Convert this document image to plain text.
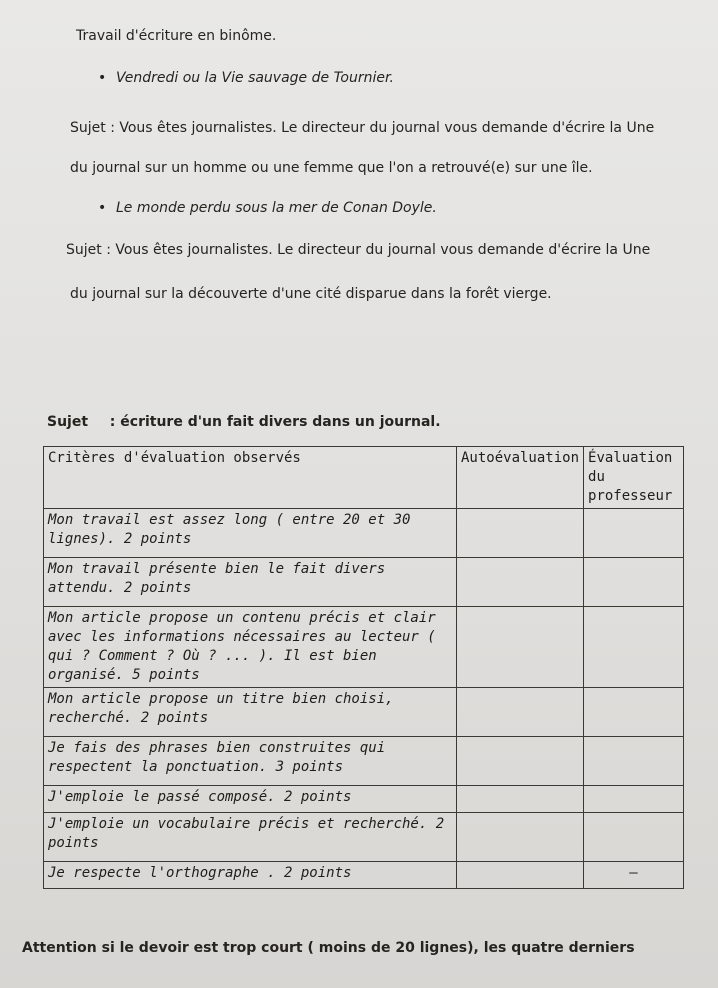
Travail d'écriture en binôme.
• Vendredi ou la Vie sauvage de Tournier.
Sujet : Vous êtes journalistes. Le directeur du journal vous demande d'écrire la Une
du journal sur un homme ou une femme que l'on a retrouvé(e) sur une île.
• Le monde perdu sous la mer de Conan Doyle.
Sujet : Vous êtes journalistes. Le directeur du journal vous demande d'écrire la Une
du journal sur la découverte d'une cité disparue dans la forêt vierge.
Sujet : écriture d'un fait divers dans un journal.
Critères d'évaluation observés	Autoévaluation	Évaluation du professeur
Mon travail est assez long ( entre 20 et 30 lignes). 2 points		
Mon travail présente bien le fait divers attendu. 2 points		
Mon article propose un contenu précis et clair avec les informations nécessaires au lecteur ( qui ? Comment ? Où ? ... ). Il est bien organisé. 5 points		
Mon article propose un titre bien choisi, recherché. 2 points		
Je fais des phrases bien construites qui respectent la ponctuation. 3 points		
J'emploie le passé composé. 2 points		
J'emploie un vocabulaire précis et recherché. 2 points		
Je respecte l'orthographe . 2 points		–
Attention si le devoir est trop court ( moins de 20 lignes), les quatre derniers
